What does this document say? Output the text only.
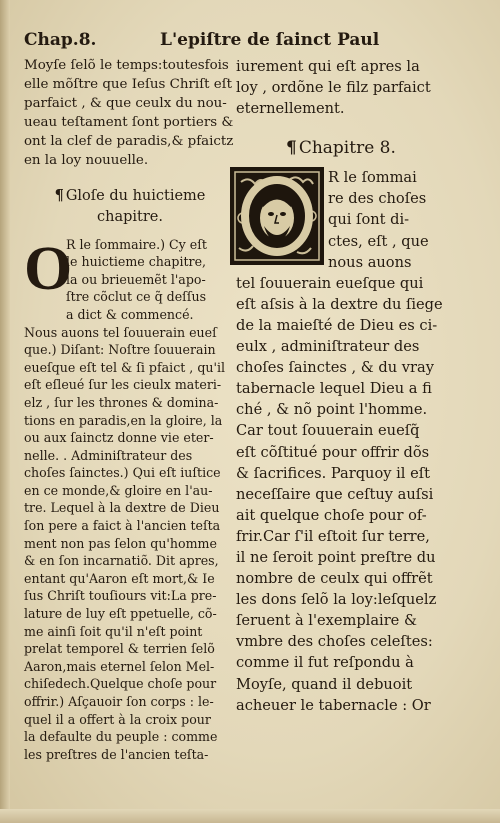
Chap.8.	L'epiſtre de ſainct Paul
Moyſe ſelõ le temps:toutesfois
elle mõſtre que Ieſus Chriſt eſt
parfaict , & que ceulx du nou-
ueau teſtament ſont portiers &
ont la clef de paradis,& pfaictz
en la loy nouuelle.
¶ Gloſe du huictieme
chapitre.
O
R le ſommaire.) Cy eſt
le huictieme chapitre,
la ou brieuemẽt l'apo-
ſtre cõclut ce q̃ deſſus
a dict & commencé.
Nous auons tel ſouuerain eueſ
que.) Diſant: Noſtre ſouuerain
eueſque eſt tel & ſi pfaict , qu'il
eſt eſleué ſur les cieulx materi-
elz , ſur les thrones & domina-
tions en paradis,en la gloire, la
ou aux ſainctz donne vie eter-
nelle. . Adminiſtrateur des
choſes ſainctes.) Qui eſt iuſtice
en ce monde,& gloire en l'au-
tre. Lequel à la dextre de Dieu
ſon pere a faict à l'ancien teſta
ment non pas ſelon qu'homme
& en ſon incarnatiõ. Dit apres,
entant qu'Aaron eſt mort,& Ie
ſus Chriſt touſiours vit:La pre-
lature de luy eſt ppetuelle, cõ-
me ainſi ſoit qu'il n'eſt point
prelat temporel & terrien ſelõ
Aaron,mais eternel ſelon Mel-
chiſedech.Quelque choſe pour
offrir.) Aſçauoir ſon corps : le-
quel il a offert à la croix pour
la defaulte du peuple : comme
les preſtres de l'ancien teſta-
iurement qui eſt apres la
loy , ordõne le filz parfaict
eternellement.
¶ Chapitre 8.
R le ſommai
re des choſes
qui ſont di-
ctes, eſt , que
nous auons
tel ſouuerain eueſque qui
eſt aſsis à la dextre du ſiege
de la maieſté de Dieu es ci-
eulx , adminiſtrateur des
choſes ſainctes , & du vray
tabernacle lequel Dieu a fi
ché , & nõ point l'homme.
Car tout ſouuerain eueſq̃
eſt cõſtitué pour offrir dõs
& ſacrifices. Parquoy il eſt
neceſſaire que ceſtuy auſsi
ait quelque choſe pour of-
frir.Car ſ'il eſtoit ſur terre,
il ne ſeroit point preſtre du
nombre de ceulx qui offrẽt
les dons ſelõ la loy:leſquelz
ſeruent à l'exemplaire &
vmbre des choſes celeſtes:
comme il fut reſpondu à
Moyſe, quand il debuoit
acheuer le tabernacle : Or
